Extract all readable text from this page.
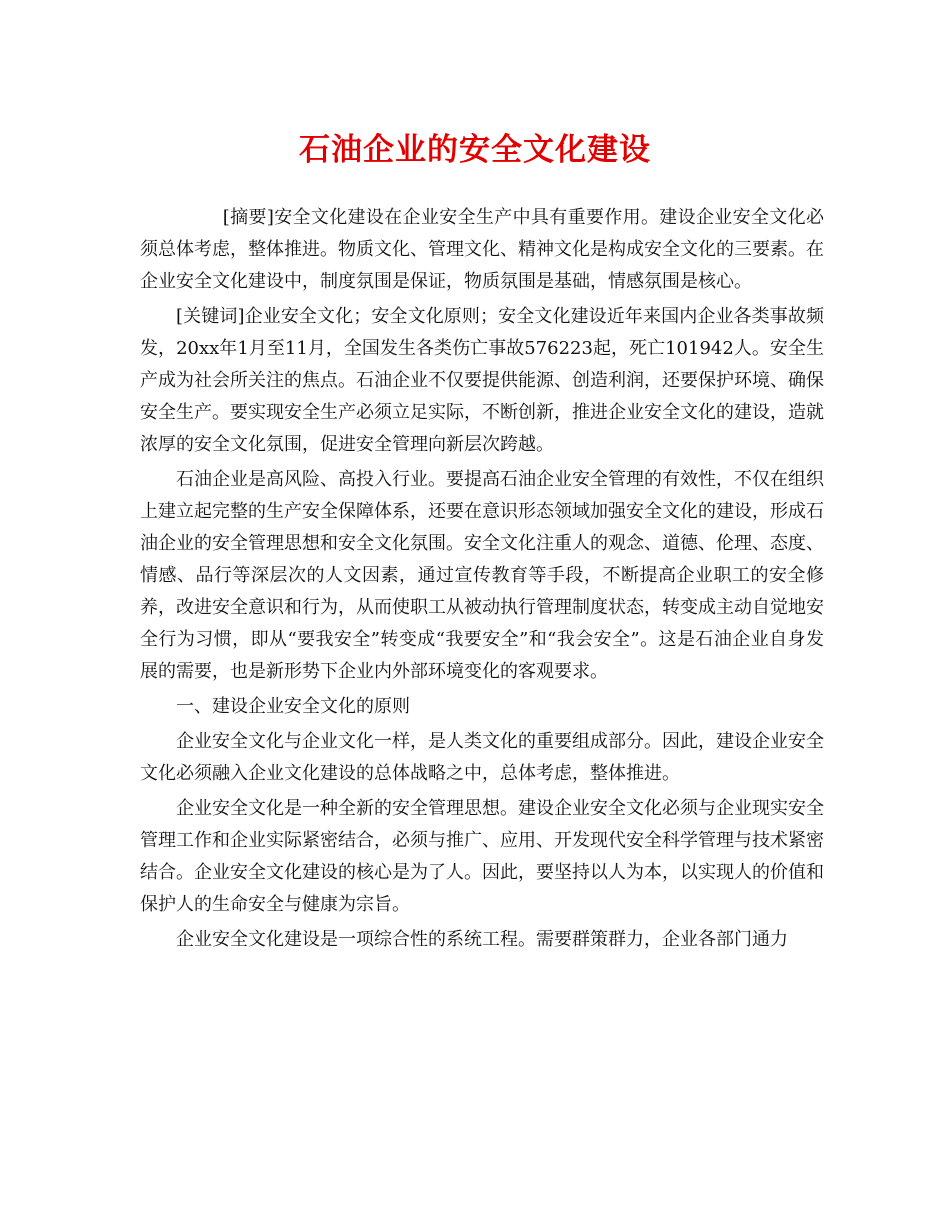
石油企业的安全文化建设

[摘要]安全文化建设在企业安全生产中具有重要作用。建设企业安全文化必须总体考虑，整体推进。物质文化、管理文化、精神文化是构成安全文化的三要素。在企业安全文化建设中，制度氛围是保证，物质氛围是基础，情感氛围是核心。

[关键词]企业安全文化；安全文化原则；安全文化建设近年来国内企业各类事故频发，20xx年1月至11月，全国发生各类伤亡事故576223起，死亡101942人。安全生产成为社会所关注的焦点。石油企业不仅要提供能源、创造利润，还要保护环境、确保安全生产。要实现安全生产必须立足实际，不断创新，推进企业安全文化的建设，造就浓厚的安全文化氛围，促进安全管理向新层次跨越。

石油企业是高风险、高投入行业。要提高石油企业安全管理的有效性，不仅在组织上建立起完整的生产安全保障体系，还要在意识形态领域加强安全文化的建设，形成石油企业的安全管理思想和安全文化氛围。安全文化注重人的观念、道德、伦理、态度、情感、品行等深层次的人文因素，通过宣传教育等手段，不断提高企业职工的安全修养，改进安全意识和行为，从而使职工从被动执行管理制度状态，转变成主动自觉地安全行为习惯，即从“要我安全”转变成“我要安全”和“我会安全”。这是石油企业自身发展的需要，也是新形势下企业内外部环境变化的客观要求。

一、建设企业安全文化的原则

企业安全文化与企业文化一样，是人类文化的重要组成部分。因此，建设企业安全文化必须融入企业文化建设的总体战略之中，总体考虑，整体推进。

企业安全文化是一种全新的安全管理思想。建设企业安全文化必须与企业现实安全管理工作和企业实际紧密结合，必须与推广、应用、开发现代安全科学管理与技术紧密结合。企业安全文化建设的核心是为了人。因此，要坚持以人为本，以实现人的价值和保护人的生命安全与健康为宗旨。

企业安全文化建设是一项综合性的系统工程。需要群策群力，企业各部门通力
